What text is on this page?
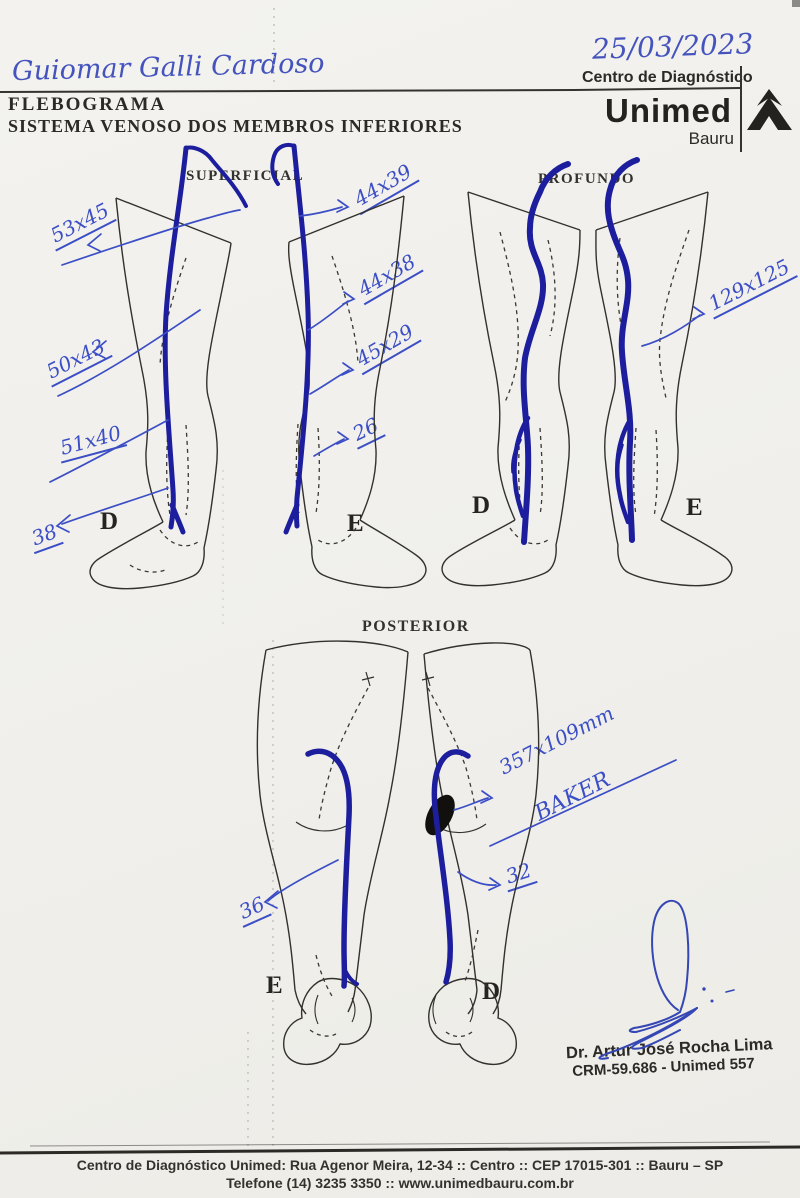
Guiomar Galli Cardoso
25/03/2023
FLEBOGRAMA
SISTEMA VENOSO DOS MEMBROS INFERIORES
Centro de Diagnóstico
Unimed
Bauru
SUPERFICIAL	PROFUNDO
POSTERIOR
D	E
D	E
E	D
53x45
50x43
51x40
38
44x39
44x38
45x29
26
129x125
357x109mm
BAKER
32
36
Dr. Artur José Rocha Lima
CRM-59.686 - Unimed 557
Centro de Diagnóstico Unimed: Rua Agenor Meira, 12-34 :: Centro :: CEP 17015-301 :: Bauru – SP
Telefone (14) 3235 3350 :: www.unimedbauru.com.br
